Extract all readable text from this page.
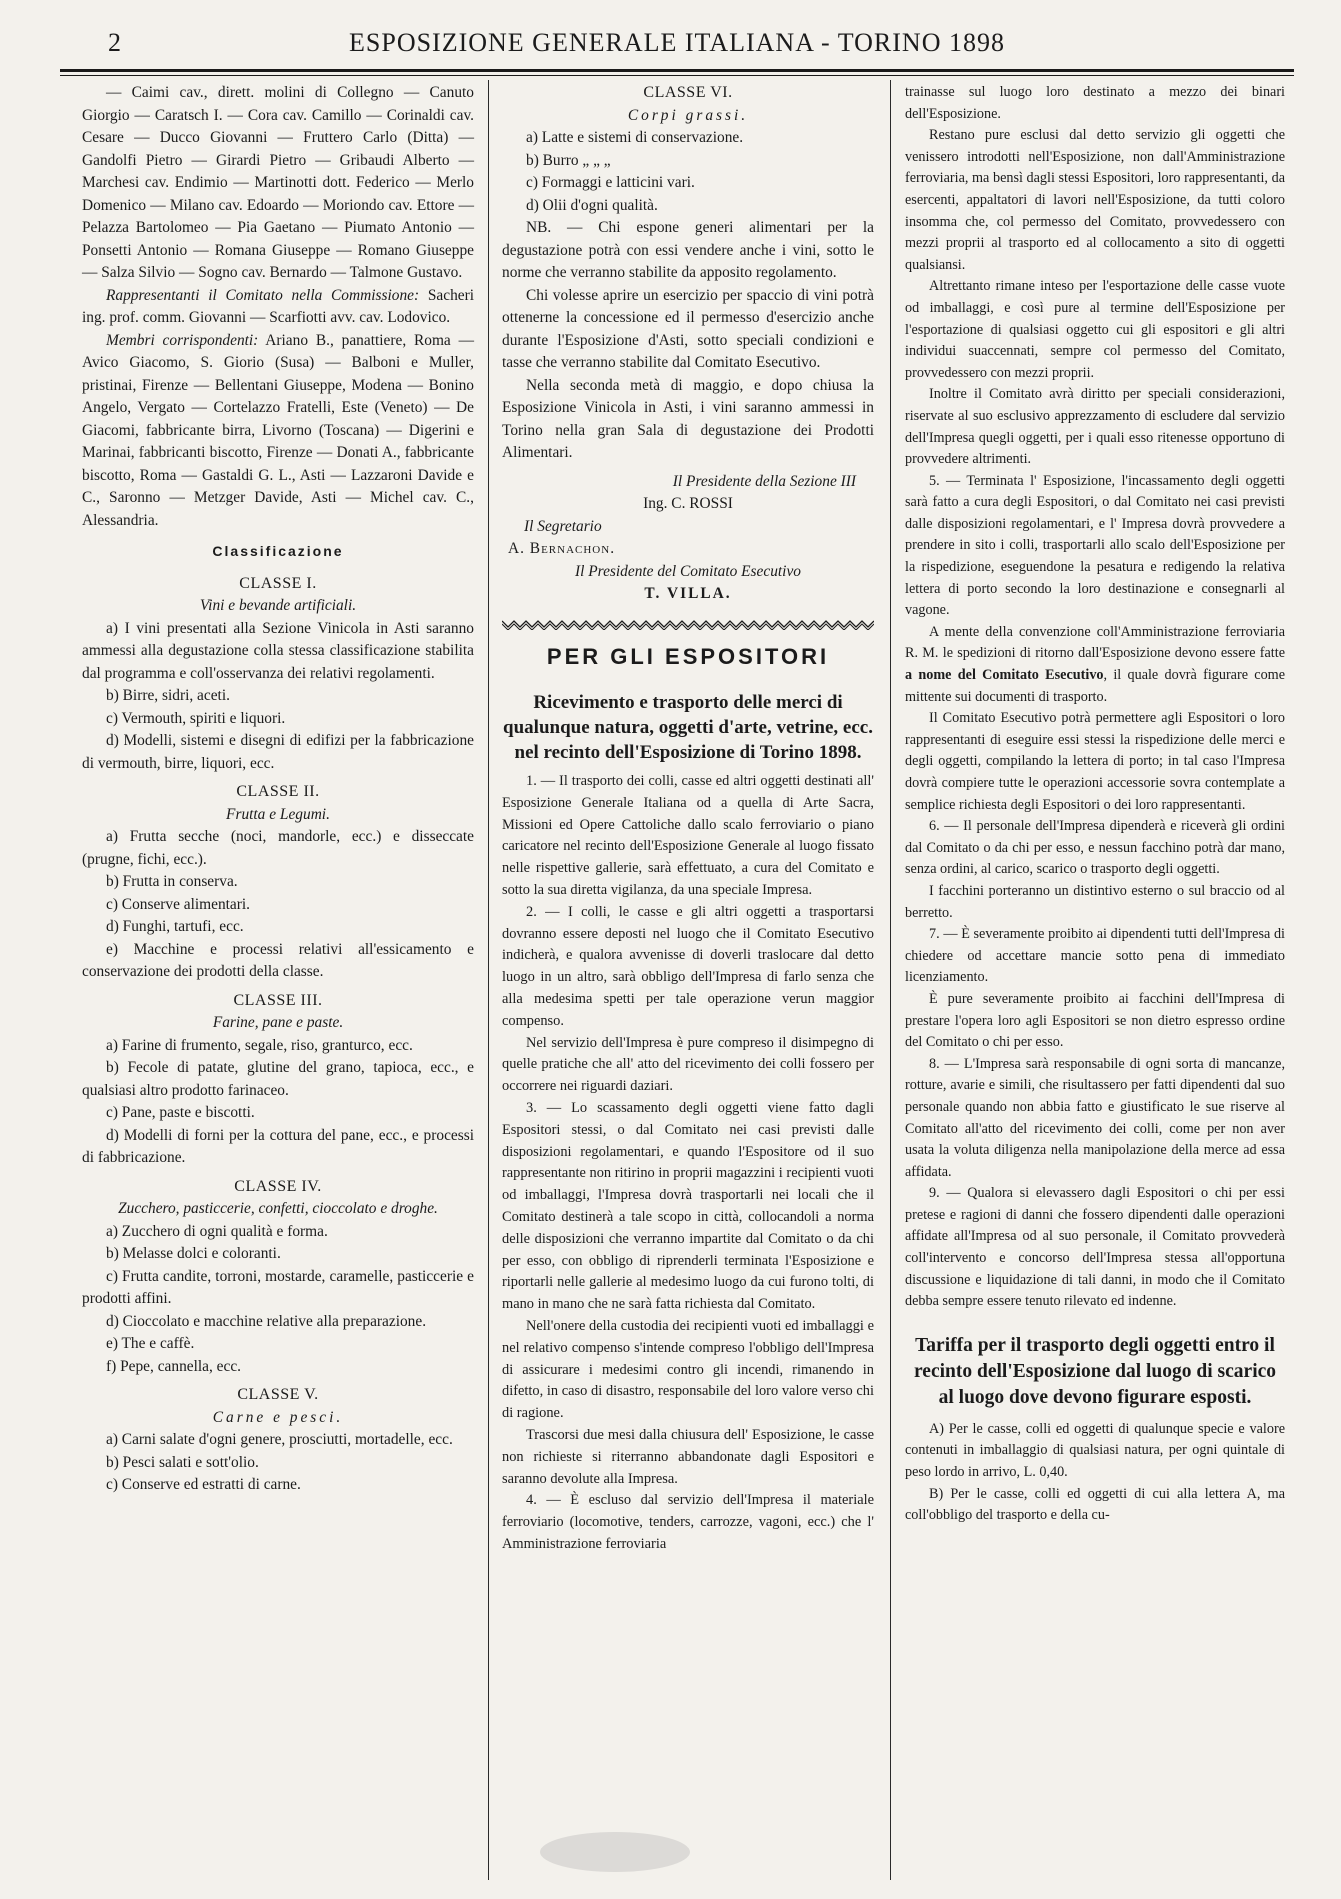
2	ESPOSIZIONE GENERALE ITALIANA - TORINO 1898

— Caimi cav., dirett. molini di Collegno — Canuto Giorgio — Caratsch I. — Cora cav. Camillo — Corinaldi cav. Cesare — Ducco Giovanni — Fruttero Carlo (Ditta) — Gandolfi Pietro — Girardi Pietro — Gribaudi Alberto — Marchesi cav. Endimio — Martinotti dott. Federico — Merlo Domenico — Milano cav. Edoardo — Moriondo cav. Ettore — Pelazza Bartolomeo — Pia Gaetano — Piumato Antonio — Ponsetti Antonio — Romana Giuseppe — Romano Giuseppe — Salza Silvio — Sogno cav. Bernardo — Talmone Gustavo.

Rappresentanti il Comitato nella Commissione: Sacheri ing. prof. comm. Giovanni — Scarfiotti avv. cav. Lodovico.

Membri corrispondenti: Ariano B., panattiere, Roma — Avico Giacomo, S. Giorio (Susa) — Balboni e Muller, pristinai, Firenze — Bellentani Giuseppe, Modena — Bonino Angelo, Vergato — Cortelazzo Fratelli, Este (Veneto) — De Giacomi, fabbricante birra, Livorno (Toscana) — Digerini e Marinai, fabbricanti biscotto, Firenze — Donati A., fabbricante biscotto, Roma — Gastaldi G. L., Asti — Lazzaroni Davide e C., Saronno — Metzger Davide, Asti — Michel cav. C., Alessandria.

Classificazione
CLASSE I.
Vini e bevande artificiali.

a) I vini presentati alla Sezione Vinicola in Asti saranno ammessi alla degustazione colla stessa classificazione stabilita dal programma e coll'osservanza dei relativi regolamenti.

b) Birre, sidri, aceti.

c) Vermouth, spiriti e liquori.

d) Modelli, sistemi e disegni di edifizi per la fabbricazione di vermouth, birre, liquori, ecc.

CLASSE II.
Frutta e Legumi.

a) Frutta secche (noci, mandorle, ecc.) e disseccate (prugne, fichi, ecc.).

b) Frutta in conserva.

c) Conserve alimentari.

d) Funghi, tartufi, ecc.

e) Macchine e processi relativi all'essicamento e conservazione dei prodotti della classe.

CLASSE III.
Farine, pane e paste.

a) Farine di frumento, segale, riso, granturco, ecc.

b) Fecole di patate, glutine del grano, tapioca, ecc., e qualsiasi altro prodotto farinaceo.

c) Pane, paste e biscotti.

d) Modelli di forni per la cottura del pane, ecc., e processi di fabbricazione.

CLASSE IV.
Zucchero, pasticcerie, confetti, cioccolato e droghe.

a) Zucchero di ogni qualità e forma.

b) Melasse dolci e coloranti.

c) Frutta candite, torroni, mostarde, caramelle, pasticcerie e prodotti affini.

d) Cioccolato e macchine relative alla preparazione.

e) The e caffè.

f) Pepe, cannella, ecc.

CLASSE V.
Carne e pesci.

a) Carni salate d'ogni genere, prosciutti, mortadelle, ecc.

b) Pesci salati e sott'olio.

c) Conserve ed estratti di carne.

CLASSE VI.
Corpi grassi.

a) Latte e sistemi di conservazione.

b) Burro „ „ „

c) Formaggi e latticini vari.

d) Olii d'ogni qualità.

NB. — Chi espone generi alimentari per la degustazione potrà con essi vendere anche i vini, sotto le norme che verranno stabilite da apposito regolamento.

Chi volesse aprire un esercizio per spaccio di vini potrà ottenerne la concessione ed il permesso d'esercizio anche durante l'Esposizione d'Asti, sotto speciali condizioni e tasse che verranno stabilite dal Comitato Esecutivo.

Nella seconda metà di maggio, e dopo chiusa la Esposizione Vinicola in Asti, i vini saranno ammessi in Torino nella gran Sala di degustazione dei Prodotti Alimentari.

Il Presidente della Sezione III
Ing. C. ROSSI
Il Segretario
A. Bernachon.
Il Presidente del Comitato Esecutivo
T. VILLA.
PER GLI ESPOSITORI
Ricevimento e trasporto delle merci di qualunque natura, oggetti d'arte, vetrine, ecc. nel recinto dell'Esposizione di Torino 1898.

1. — Il trasporto dei colli, casse ed altri oggetti destinati all' Esposizione Generale Italiana od a quella di Arte Sacra, Missioni ed Opere Cattoliche dallo scalo ferroviario o piano caricatore nel recinto dell'Esposizione Generale al luogo fissato nelle rispettive gallerie, sarà effettuato, a cura del Comitato e sotto la sua diretta vigilanza, da una speciale Impresa.

2. — I colli, le casse e gli altri oggetti a trasportarsi dovranno essere deposti nel luogo che il Comitato Esecutivo indicherà, e qualora avvenisse di doverli traslocare dal detto luogo in un altro, sarà obbligo dell'Impresa di farlo senza che alla medesima spetti per tale operazione verun maggior compenso.

Nel servizio dell'Impresa è pure compreso il disimpegno di quelle pratiche che all' atto del ricevimento dei colli fossero per occorrere nei riguardi daziari.

3. — Lo scassamento degli oggetti viene fatto dagli Espositori stessi, o dal Comitato nei casi previsti dalle disposizioni regolamentari, e quando l'Espositore od il suo rappresentante non ritirino in proprii magazzini i recipienti vuoti od imballaggi, l'Impresa dovrà trasportarli nei locali che il Comitato destinerà a tale scopo in città, collocandoli a norma delle disposizioni che verranno impartite dal Comitato o da chi per esso, con obbligo di riprenderli terminata l'Esposizione e riportarli nelle gallerie al medesimo luogo da cui furono tolti, di mano in mano che ne sarà fatta richiesta dal Comitato.

Nell'onere della custodia dei recipienti vuoti ed imballaggi e nel relativo compenso s'intende compreso l'obbligo dell'Impresa di assicurare i medesimi contro gli incendi, rimanendo in difetto, in caso di disastro, responsabile del loro valore verso chi di ragione.

Trascorsi due mesi dalla chiusura dell' Esposizione, le casse non richieste si riterranno abbandonate dagli Espositori e saranno devolute alla Impresa.

4. — È escluso dal servizio dell'Impresa il materiale ferroviario (locomotive, tenders, carrozze, vagoni, ecc.) che l' Amministrazione ferroviaria

trainasse sul luogo loro destinato a mezzo dei binari dell'Esposizione.

Restano pure esclusi dal detto servizio gli oggetti che venissero introdotti nell'Esposizione, non dall'Amministrazione ferroviaria, ma bensì dagli stessi Espositori, loro rappresentanti, da esercenti, appaltatori di lavori nell'Esposizione, da tutti coloro insomma che, col permesso del Comitato, provvedessero con mezzi proprii al trasporto ed al collocamento a sito di oggetti qualsiansi.

Altrettanto rimane inteso per l'esportazione delle casse vuote od imballaggi, e così pure al termine dell'Esposizione per l'esportazione di qualsiasi oggetto cui gli espositori e gli altri individui suaccennati, sempre col permesso del Comitato, provvedessero con mezzi proprii.

Inoltre il Comitato avrà diritto per speciali considerazioni, riservate al suo esclusivo apprezzamento di escludere dal servizio dell'Impresa quegli oggetti, per i quali esso ritenesse opportuno di provvedere altrimenti.

5. — Terminata l' Esposizione, l'incassamento degli oggetti sarà fatto a cura degli Espositori, o dal Comitato nei casi previsti dalle disposizioni regolamentari, e l' Impresa dovrà provvedere a prendere in sito i colli, trasportarli allo scalo dell'Esposizione per la rispedizione, eseguendone la pesatura e redigendo la relativa lettera di porto secondo la loro destinazione e consegnarli al vagone.

A mente della convenzione coll'Amministrazione ferroviaria R. M. le spedizioni di ritorno dall'Esposizione devono essere fatte a nome del Comitato Esecutivo, il quale dovrà figurare come mittente sui documenti di trasporto.

Il Comitato Esecutivo potrà permettere agli Espositori o loro rappresentanti di eseguire essi stessi la rispedizione delle merci e degli oggetti, compilando la lettera di porto; in tal caso l'Impresa dovrà compiere tutte le operazioni accessorie sovra contemplate a semplice richiesta degli Espositori o dei loro rappresentanti.

6. — Il personale dell'Impresa dipenderà e riceverà gli ordini dal Comitato o da chi per esso, e nessun facchino potrà dar mano, senza ordini, al carico, scarico o trasporto degli oggetti.

I facchini porteranno un distintivo esterno o sul braccio od al berretto.

7. — È severamente proibito ai dipendenti tutti dell'Impresa di chiedere od accettare mancie sotto pena di immediato licenziamento.

È pure severamente proibito ai facchini dell'Impresa di prestare l'opera loro agli Espositori se non dietro espresso ordine del Comitato o chi per esso.

8. — L'Impresa sarà responsabile di ogni sorta di mancanze, rotture, avarie e simili, che risultassero per fatti dipendenti dal suo personale quando non abbia fatto e giustificato le sue riserve al Comitato all'atto del ricevimento dei colli, come per non aver usata la voluta diligenza nella manipolazione della merce ad essa affidata.

9. — Qualora si elevassero dagli Espositori o chi per essi pretese e ragioni di danni che fossero dipendenti dalle operazioni affidate all'Impresa od al suo personale, il Comitato provvederà coll'intervento e concorso dell'Impresa stessa all'opportuna discussione e liquidazione di tali danni, in modo che il Comitato debba sempre essere tenuto rilevato ed indenne.

Tariffa per il trasporto degli oggetti entro il recinto dell'Esposizione dal luogo di scarico al luogo dove devono figurare esposti.

A) Per le casse, colli ed oggetti di qualunque specie e valore contenuti in imballaggio di qualsiasi natura, per ogni quintale di peso lordo in arrivo, L. 0,40.

B) Per le casse, colli ed oggetti di cui alla lettera A, ma coll'obbligo del trasporto e della cu-
